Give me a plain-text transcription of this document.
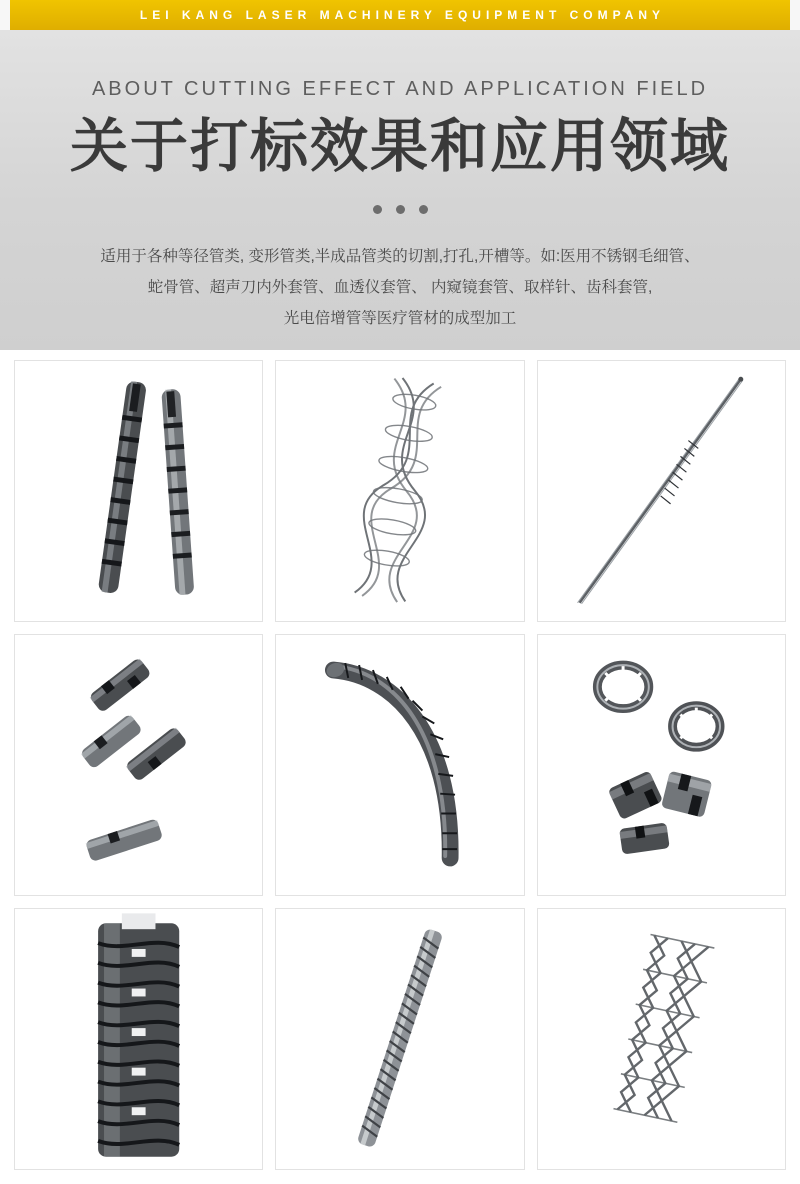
LEI KANG LASER MACHINERY EQUIPMENT COMPANY
ABOUT CUTTING EFFECT AND APPLICATION FIELD
关于打标效果和应用领域
适用于各种等径管类, 变形管类,半成品管类的切割,打孔,开槽等。如:医用不锈钢毛细管、
蛇骨管、超声刀内外套管、血透仪套管、 内窥镜套管、取样针、齿科套管,
光电倍增管等医疗管材的成型加工
